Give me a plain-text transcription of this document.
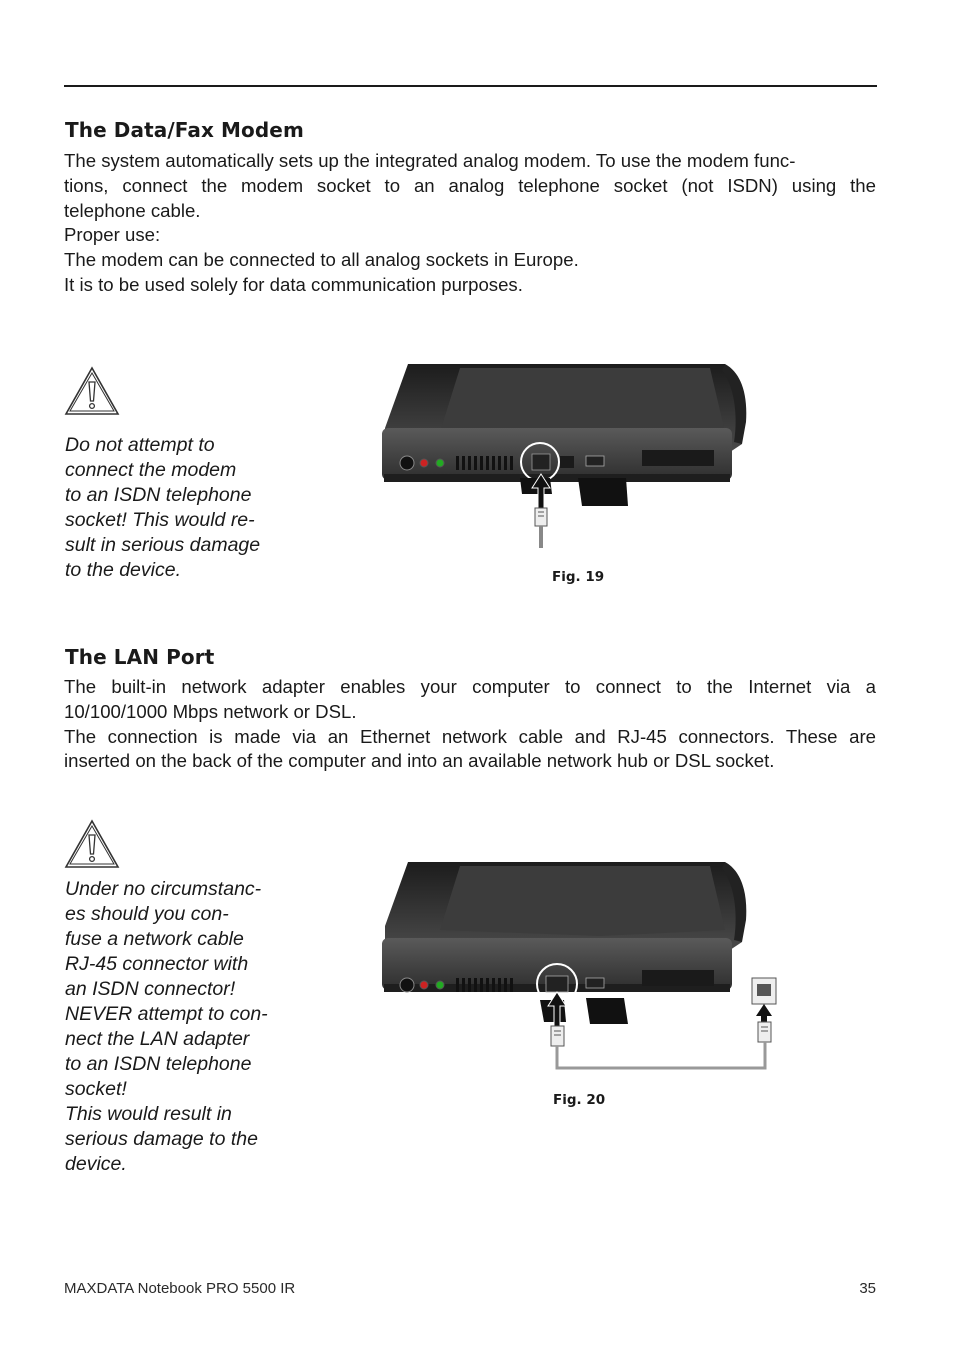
The Data/Fax Modem
The system automatically sets up the integrated analog modem. To use the modem func-
tions, connect the modem socket to an analog telephone socket (not ISDN) using the
telephone cable.
Proper use:
The modem can be connected to all analog sockets in Europe.
It is to be used solely for data communication purposes.

Do not attempt to
connect the modem
to an ISDN telephone
socket! This would re-
sult in serious damage
to the device.	Fig. 19
The LAN Port
The built-in network adapter enables your computer to connect to the Internet via a
10/100/1000 Mbps network or DSL.
The connection is made via an Ethernet network cable and RJ-45 connectors. These are
inserted on the back of the computer and into an available network hub or DSL socket.

Under no circumstanc-
es should you con-
fuse a network cable
RJ-45 connector with
an ISDN connector!
NEVER attempt to con-
nect the LAN adapter
to an ISDN telephone
socket!
This would result in
serious damage to the
device.

Fig. 20
MAXDATA Notebook PRO 5500 IR	35
